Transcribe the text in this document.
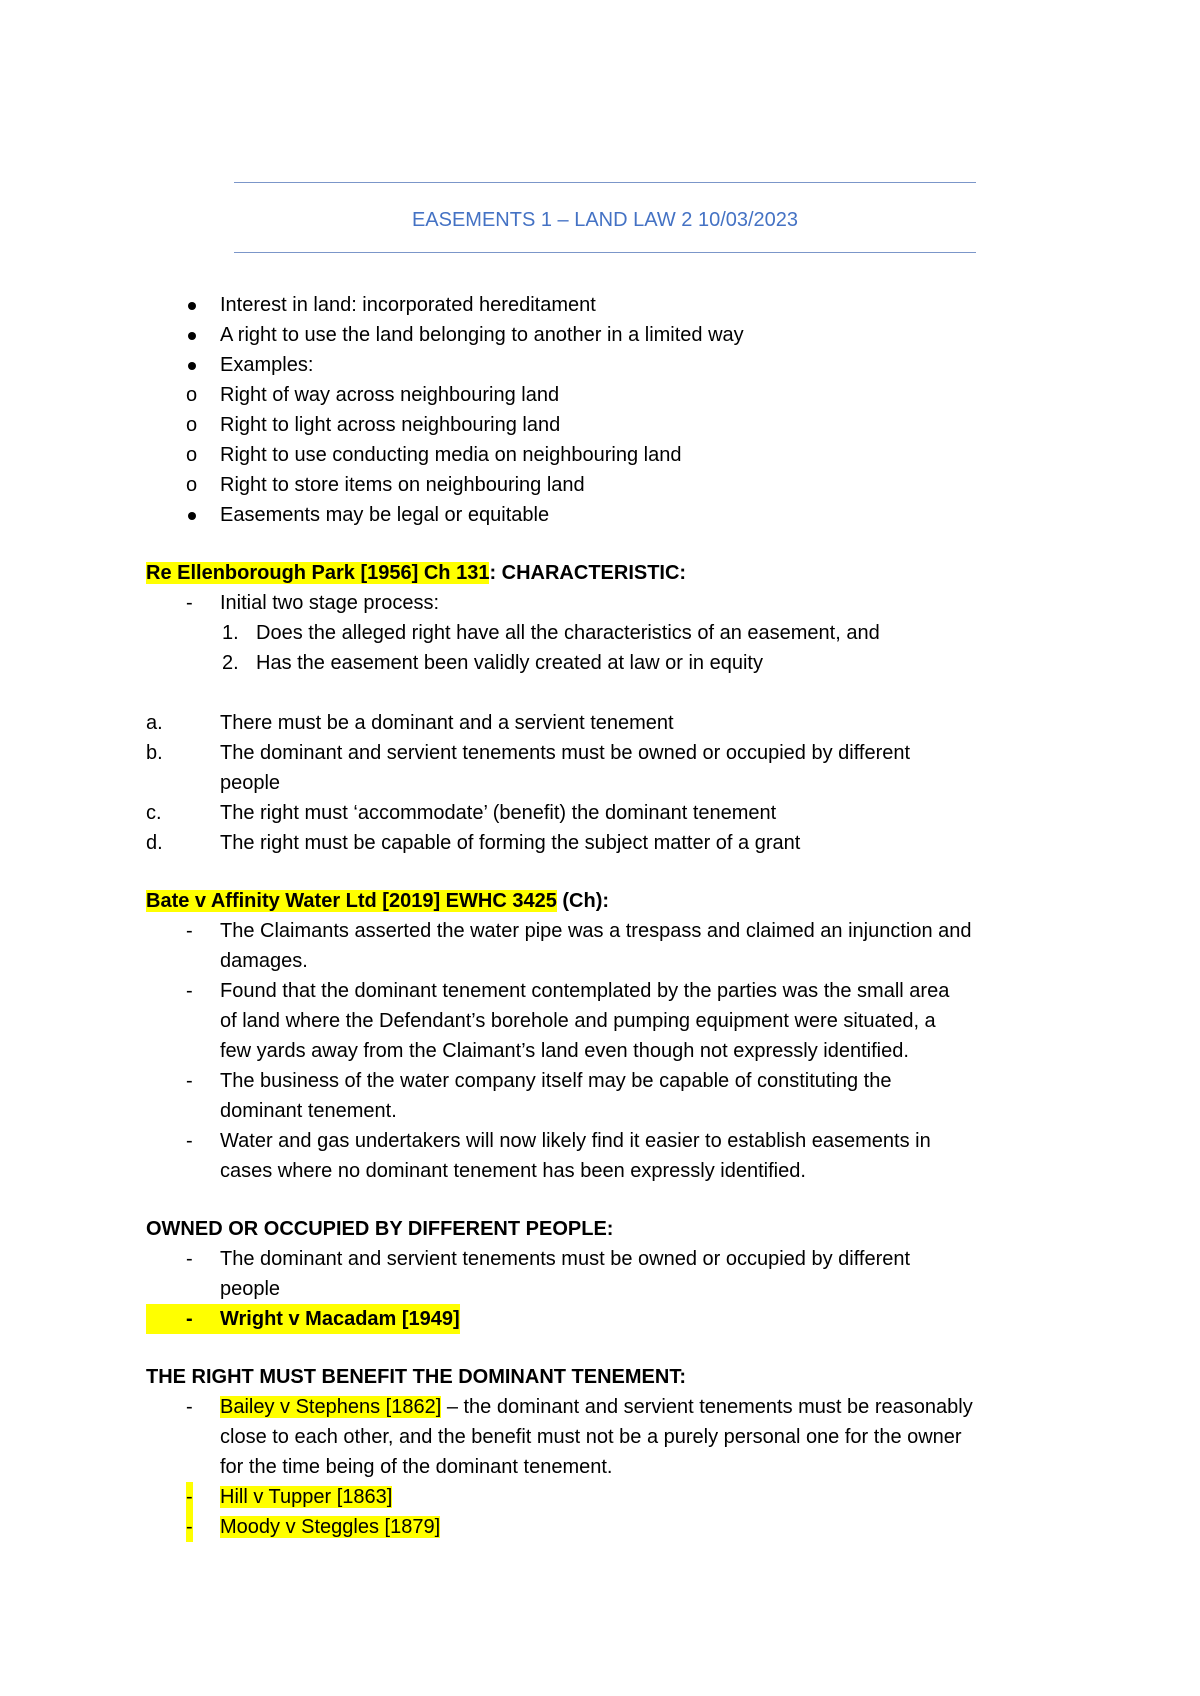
EASEMENTS 1 – LAND LAW 2 10/03/2023
Interest in land: incorporated hereditament
A right to use the land belonging to another in a limited way
Examples:
o Right of way across neighbouring land
o Right to light across neighbouring land
o Right to use conducting media on neighbouring land
o Right to store items on neighbouring land
Easements may be legal or equitable
Re Ellenborough Park [1956] Ch 131: CHARACTERISTIC:
- Initial two stage process:
1. Does the alleged right have all the characteristics of an easement, and
2. Has the easement been validly created at law or in equity
a.	There must be a dominant and a servient tenement
b.	The dominant and servient tenements must be owned or occupied by different
people
c.	The right must ‘accommodate’ (benefit) the dominant tenement
d.	The right must be capable of forming the subject matter of a grant
Bate v Affinity Water Ltd [2019] EWHC 3425 (Ch):
- The Claimants asserted the water pipe was a trespass and claimed an injunction and
damages.
- Found that the dominant tenement contemplated by the parties was the small area
of land where the Defendant’s borehole and pumping equipment were situated, a
few yards away from the Claimant’s land even though not expressly identified.
- The business of the water company itself may be capable of constituting the
dominant tenement.
- Water and gas undertakers will now likely find it easier to establish easements in
cases where no dominant tenement has been expressly identified.
OWNED OR OCCUPIED BY DIFFERENT PEOPLE:
- The dominant and servient tenements must be owned or occupied by different
people
- Wright v Macadam [1949]
THE RIGHT MUST BENEFIT THE DOMINANT TENEMENT:
- Bailey v Stephens [1862] – the dominant and servient tenements must be reasonably
close to each other, and the benefit must not be a purely personal one for the owner
for the time being of the dominant tenement.
- Hill v Tupper [1863]
- Moody v Steggles [1879]
